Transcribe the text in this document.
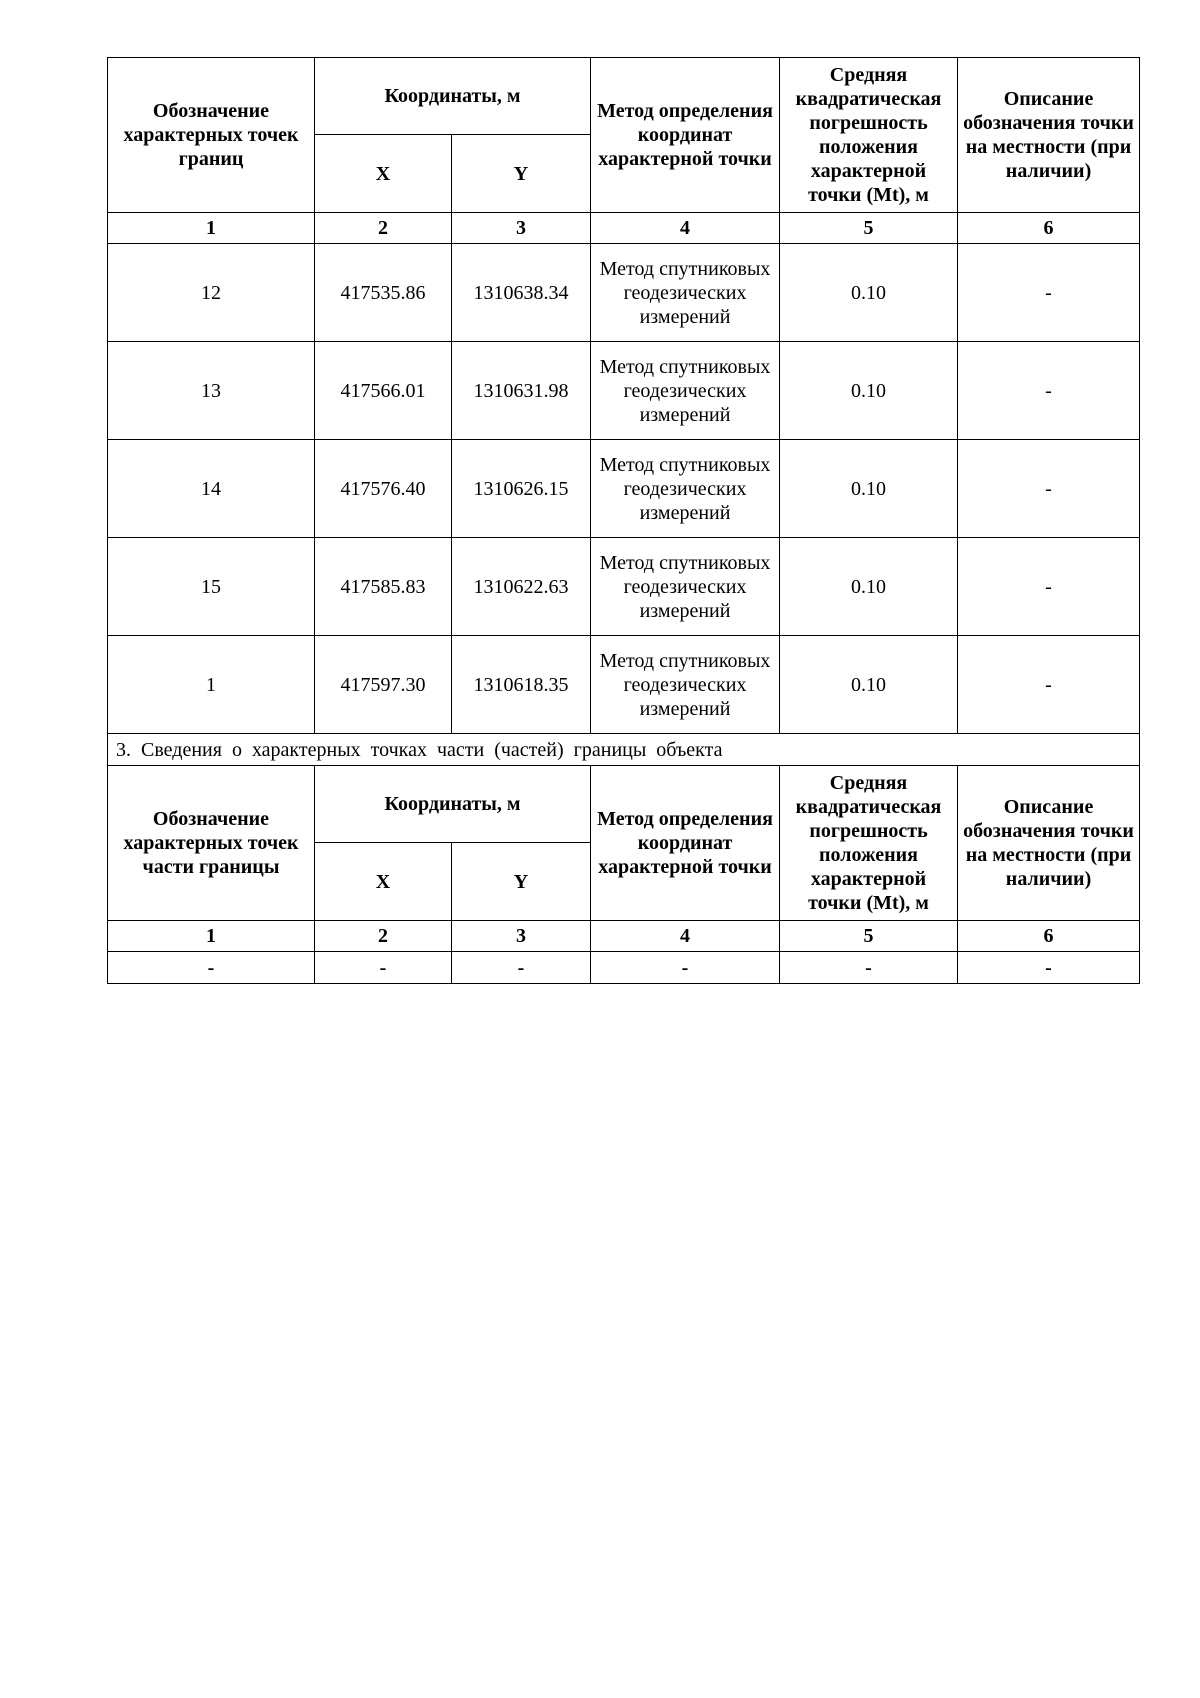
Обозначение характерных точек границ	Координаты, м		Метод определения координат характерной точки	Средняя квадратическая погрешность положения характерной точки (Mt), м	Описание обозначения точки на местности (при наличии)
	X	Y			
1	2	3	4	5	6
12	417535.86	1310638.34	Метод спутниковых геодезических измерений	0.10	-
13	417566.01	1310631.98	Метод спутниковых геодезических измерений	0.10	-
14	417576.40	1310626.15	Метод спутниковых геодезических измерений	0.10	-
15	417585.83	1310622.63	Метод спутниковых геодезических измерений	0.10	-
1	417597.30	1310618.35	Метод спутниковых геодезических измерений	0.10	-
3. Сведения о характерных точках части (частей) границы объекта					
Обозначение характерных точек части границы	Координаты, м		Метод определения координат характерной точки	Средняя квадратическая погрешность положения характерной точки (Mt), м	Описание обозначения точки на местности (при наличии)
	X	Y			
1	2	3	4	5	6
-	-	-	-	-	-
